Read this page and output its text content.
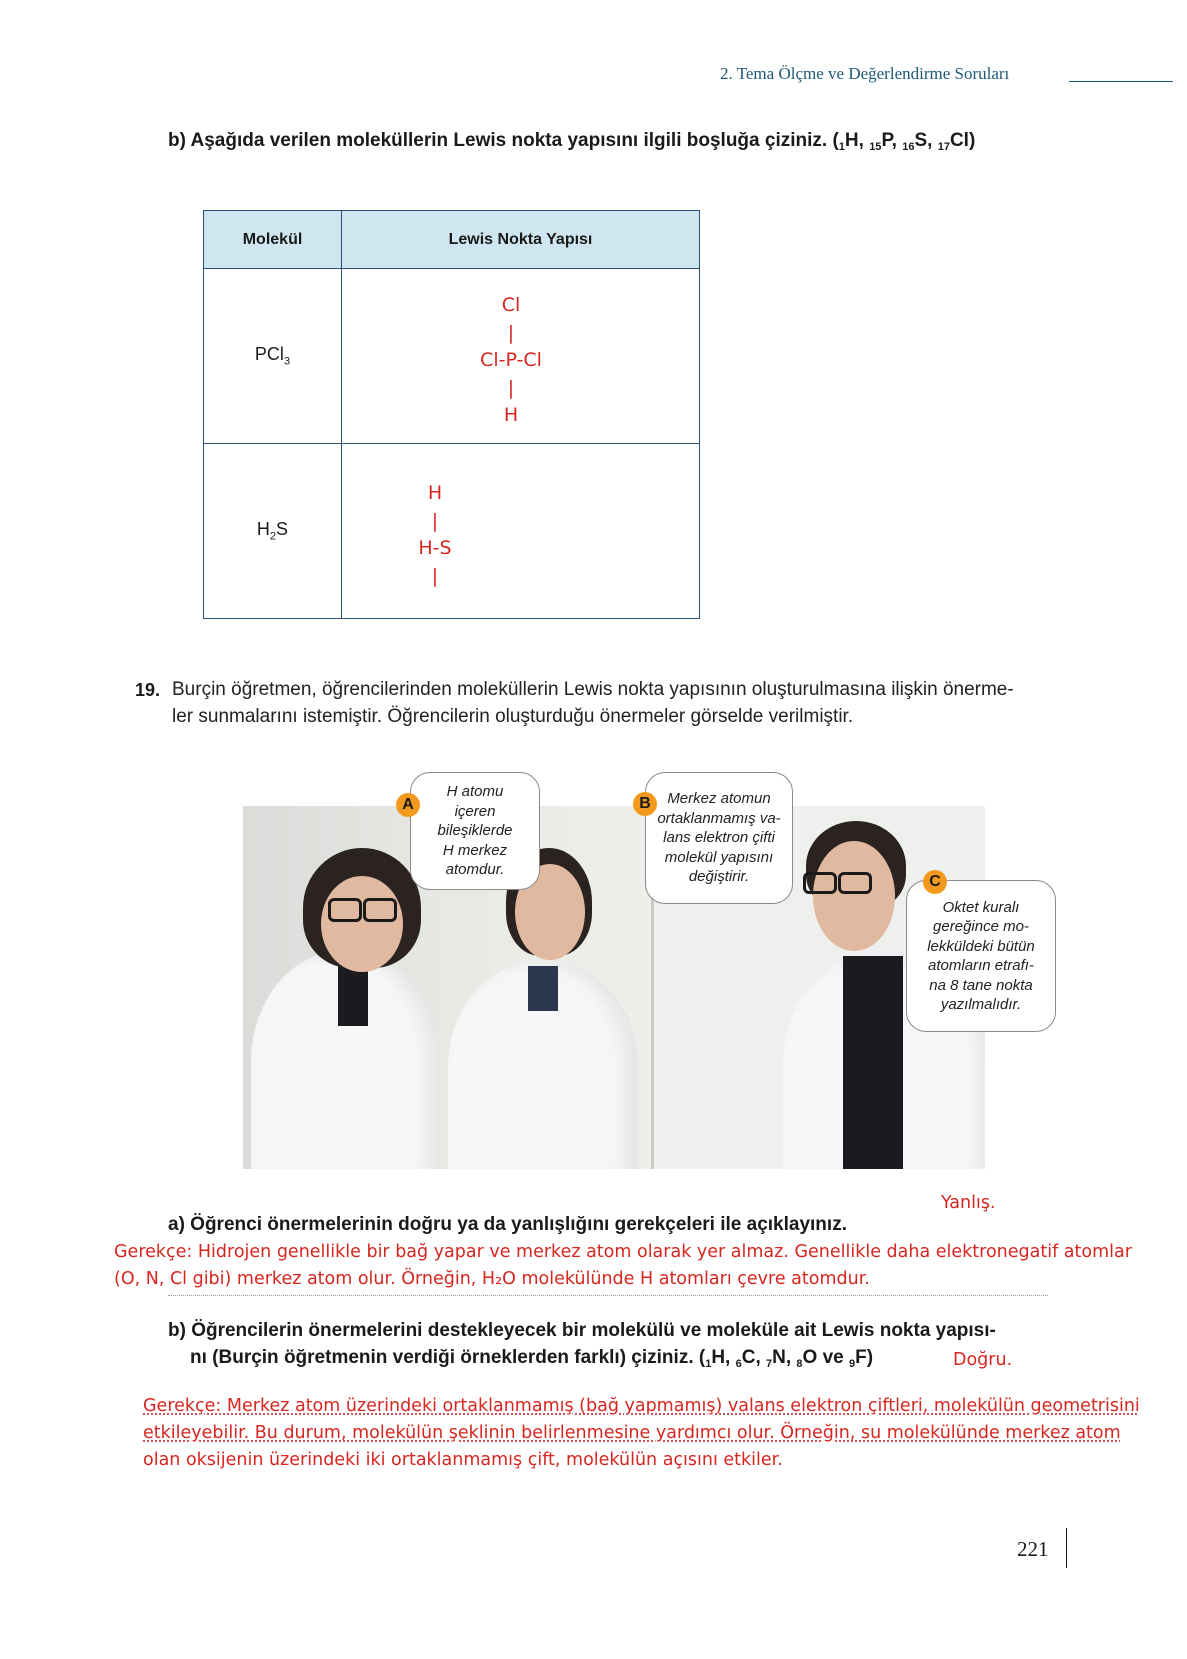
2. Tema Ölçme ve Değerlendirme Soruları
b) Aşağıda verilen moleküllerin Lewis nokta yapısını ilgili boşluğa çiziniz. ($_1H$, $_{15}$P, $_{16}$S, $_{17}$Cl)
Molekül	Lewis Nokta Yapısı
PCl$_3$	Cl
|
Cl-P-Cl
|
H

$H_2S$	H
|
H-S
|
19. Burçin öğretmen, öğrencilerinden moleküllerin Lewis nokta yapısının oluşturulmasına ilişkin önerme-
ler sunmalarını istemiştir. Öğrencilerin oluşturduğu önermeler görselde verilmiştir.
H atomu
içeren
bileşiklerde
H merkez
atomdur.
A	Merkez atomun
ortaklanmamış va-
lans elektron çifti
molekül yapısını
değiştirir.
B
Oktet kuralı
gereğince mo-
lekküldeki bütün
atomların etrafı-
na 8 tane nokta
yazılmalıdır.
C
Yanlış.
a) Öğrenci önermelerinin doğru ya da yanlışlığını gerekçeleri ile açıklayınız.
Gerekçe: Hidrojen genellikle bir bağ yapar ve merkez atom olarak yer almaz. Genellikle daha elektronegatif atomlar
(O, N, Cl gibi) merkez atom olur. Örneğin, H₂O molekülünde H atomları çevre atomdur.
b) Öğrencilerin önermelerini destekleyecek bir molekülü ve moleküle ait Lewis nokta yapısı-
nı (Burçin öğretmenin verdiği örneklerden farklı) çiziniz. ($_1H$, $_6$C, $_7$N, $_8$O ve $_9$F)	Doğru.
Gerekçe: Merkez atom üzerindeki ortaklanmamış (bağ yapmamış) valans elektron çiftleri, molekülün geometrisini
etkileyebilir. Bu durum, molekülün şeklinin belirlenmesine yardımcı olur. Örneğin, su molekülünde merkez atom
olan oksijenin üzerindeki iki ortaklanmamış çift, molekülün açısını etkiler.
221
